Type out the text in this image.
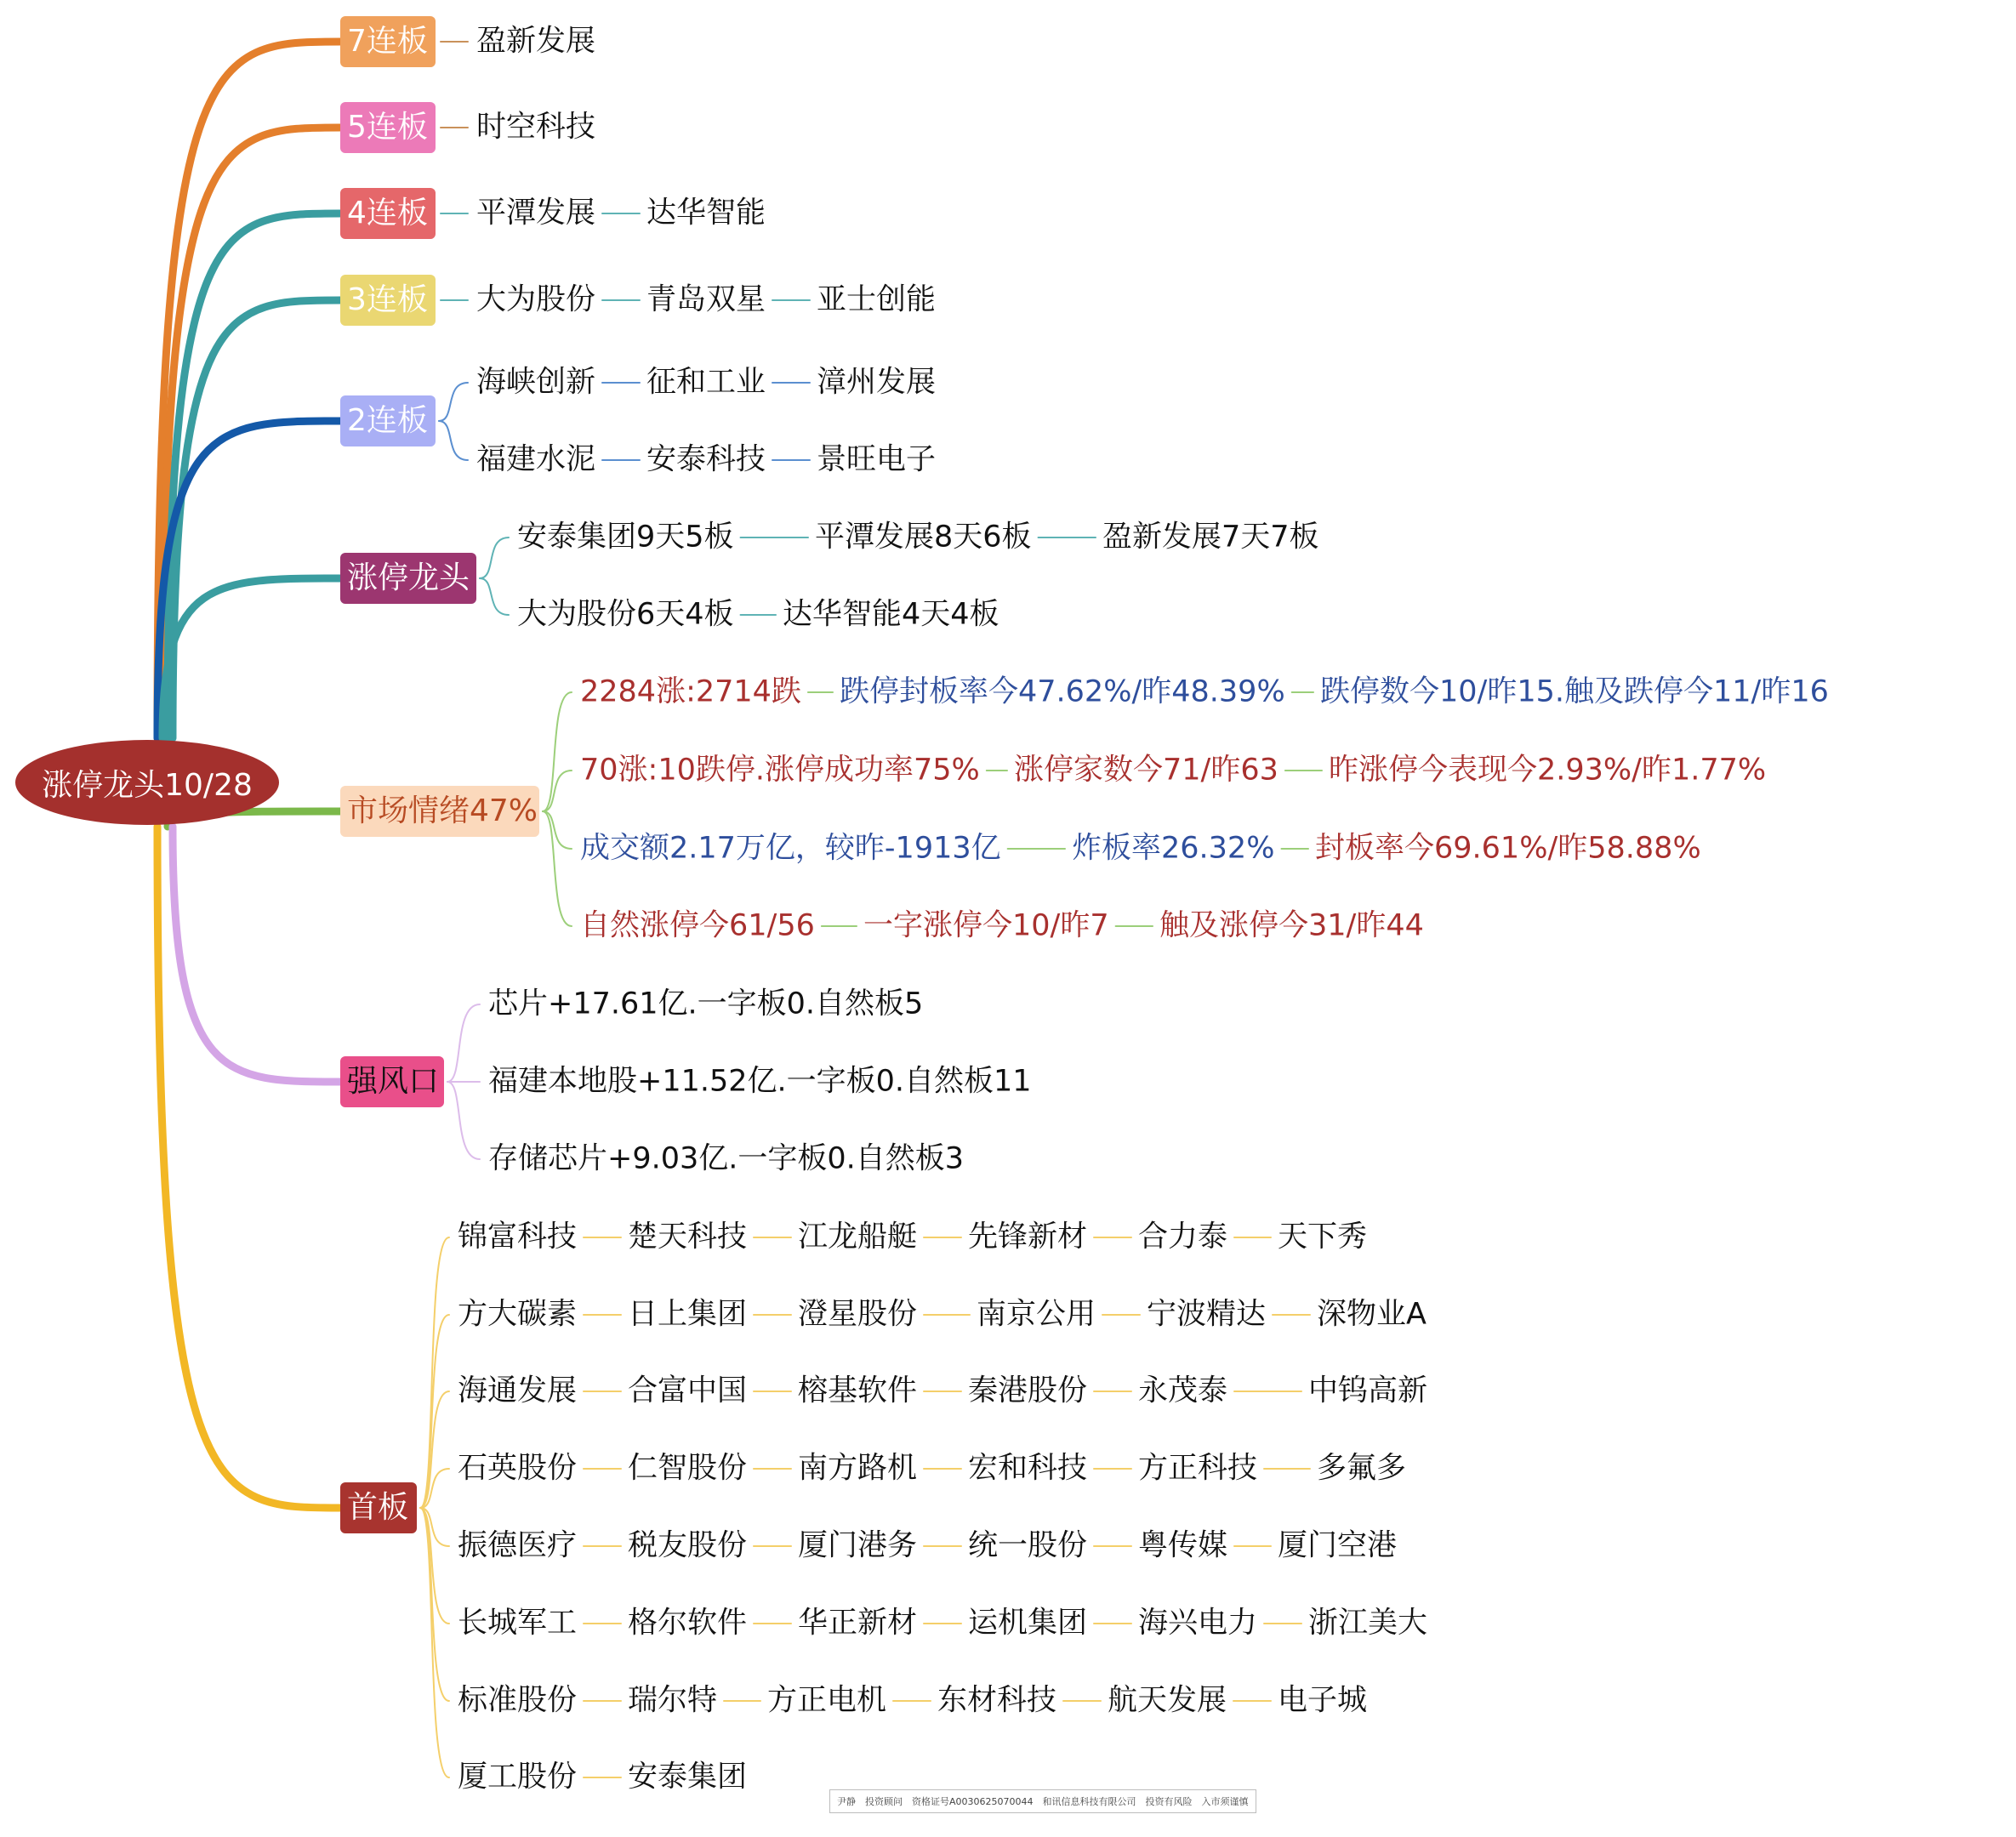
涨停龙头10/28
7连板 盈新发展
5连板 时空科技
4连板 平潭发展 达华智能
3连板 大为股份 青岛双星 亚士创能
2连板
海峡创新 征和工业 漳州发展
福建水泥 安泰科技 景旺电子
涨停龙头
安泰集团9天5板	平潭发展8天6板 盈新发展7天7板
大为股份6天4板 达华智能4天4板
市场情绪47%
2284涨:2714跌 跌停封板率今47.62%/昨48.39% 跌停数今10/昨15.触及跌停今11/昨16
70涨:10跌停.涨停成功率75% 涨停家数今71/昨63 昨涨停今表现今2.93%/昨1.77%
成交额2.17万亿，较昨-1913亿 炸板率26.32% 封板率今69.61%/昨58.88%
自然涨停今61/56 一字涨停今10/昨7 触及涨停今31/昨44
强风口
芯片+17.61亿.一字板0.自然板5
福建本地股+11.52亿.一字板0.自然板11
存储芯片+9.03亿.一字板0.自然板3
首板
锦富科技 楚天科技 江龙船艇 先锋新材 合力泰 天下秀
方大碳素 日上集团 澄星股份 南京公用 宁波精达 深物业A
海通发展 合富中国 榕基软件 秦港股份 永茂泰	中钨高新
石英股份 仁智股份 南方路机 宏和科技 方正科技 多氟多
振德医疗 税友股份 厦门港务 统一股份 粤传媒 厦门空港
长城军工 格尔软件 华正新材 运机集团 海兴电力 浙江美大
标准股份 瑞尔特 方正电机 东材科技 航天发展 电子城
厦工股份 安泰集团
尹静　投资顾问　资格证号A0030625070044　和讯信息科技有限公司　投资有风险　入市须谨慎
